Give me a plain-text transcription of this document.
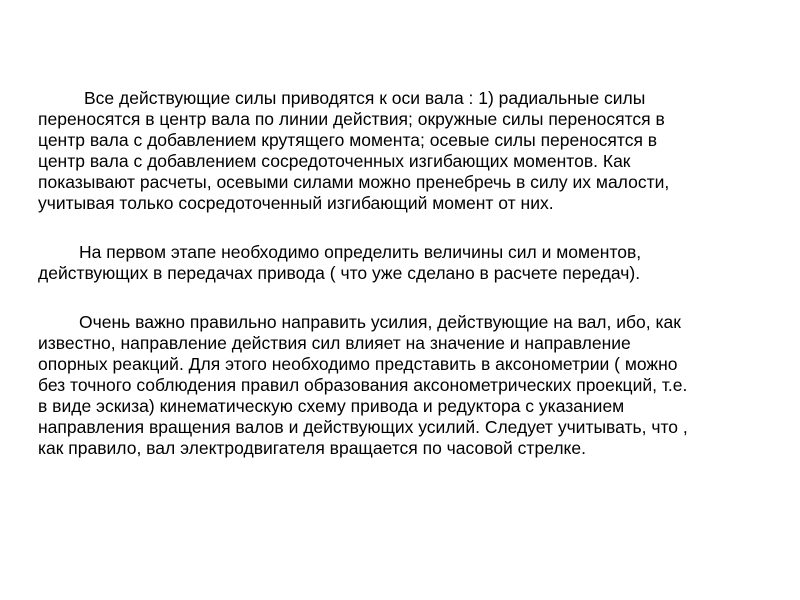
Все действующие силы приводятся к оси вала : 1) радиальные силы
переносятся в центр вала по линии действия; окружные силы переносятся в
центр вала с добавлением крутящего момента; осевые силы переносятся в
центр вала с добавлением сосредоточенных изгибающих моментов. Как
показывают расчеты, осевыми силами можно пренебречь в силу их малости,
учитывая только сосредоточенный изгибающий момент от них.

На первом этапе необходимо определить величины сил и моментов,
действующих в передачах привода ( что уже сделано в расчете передач).

Очень важно правильно направить усилия, действующие на вал, ибо, как
известно, направление действия сил влияет на значение и направление
опорных реакций. Для этого необходимо представить в аксонометрии ( можно
без точного соблюдения правил образования аксонометрических проекций, т.е.
в виде эскиза) кинематическую схему привода и редуктора с указанием
направления вращения валов и действующих усилий. Следует учитывать, что ,
как правило, вал электродвигателя вращается по часовой стрелке.
